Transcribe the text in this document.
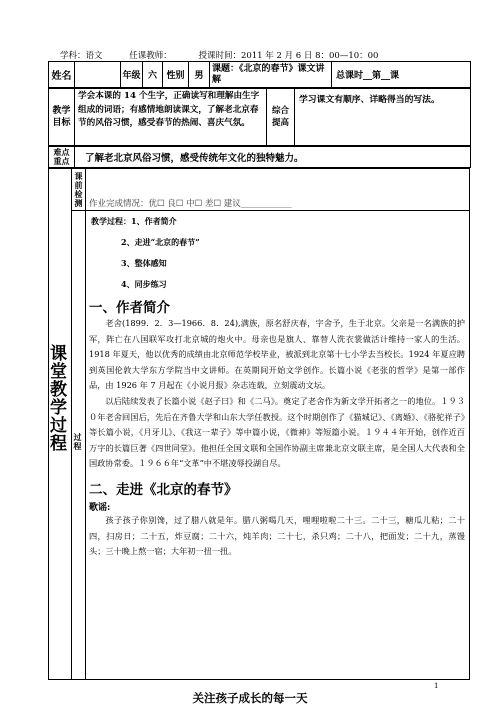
学科：语文	任课教师：	授课时间：2011 年 2 月 6 日 8：00—10：00
姓名		年级	六	性别	男	课题：《北京的春节》课文讲解	总课时__第__课
教学目标	学会本课的 14 个生字，正确读写和理解由生字组成的词语；有感情地朗读课文，了解老北京春节的风俗习惯，感受春节的热闹、喜庆气氛。	综合提高	学习课文有顺序、详略得当的写法。
难点重点	了解老北京风俗习惯，感受传统年文化的独特魅力。
课堂教学过程
课前检测
过程
作业完成情况：优☐ 良☐ 中☐ 差☐ 建议____________
教学过程：1、作者简介
2、走进“北京的春节”
3、整体感知
4、同步练习

一、作者简介

老舍(1899．2．3—1966．8．24),满族，原名舒庆春，字舍予，生于北京。父亲是一名满族的护军，阵亡在八国联军攻打北京城的炮火中。母亲也是旗人、靠替人洗衣裳做活计维持一家人的生活。1918 年夏天，他以优秀的成绩由北京师范学校毕业，被派到北京第十七小学去当校长。1924 年夏应聘到英国伦敦大学东方学院当中文讲师。在英期间开始文学创作。长篇小说《老张的哲学》是第一部作品，由 1926 年 7 月起在《小说月报》杂志连载，立刻震动文坛。

以后陆续发表了长篇小说《赵子曰》和《二马》。奠定了老舍作为新文学开拓者之一的地位。１９３０年老舍回国后，先后在齐鲁大学和山东大学任教授。这个时期创作了《猫城记》、《离婚》、《骆驼祥子》等长篇小说，《月牙儿》、《我这一辈子》等中篇小说，《微神》等短篇小说。１９４４年开始，创作近百万字的长篇巨著《四世同堂》。他担任全国文联和全国作协副主席兼北京文联主席，是全国人大代表和全国政协常委。１９６６年“文革”中不堪凌辱投湖自尽。

二、走进《北京的春节》

歌谣:

孩子孩子你别馋，过了腊八就是年。腊八粥喝几天，哩哩啦啦二十三。二十三，糖瓜儿粘；二十四，扫房日；二十五，炸豆腐；二十六，炖羊肉；二十七，杀只鸡；二十八，把面发；二十九，蒸馒头；三十晚上熬一宿；大年初一扭一扭。

1
关注孩子成长的每一天
